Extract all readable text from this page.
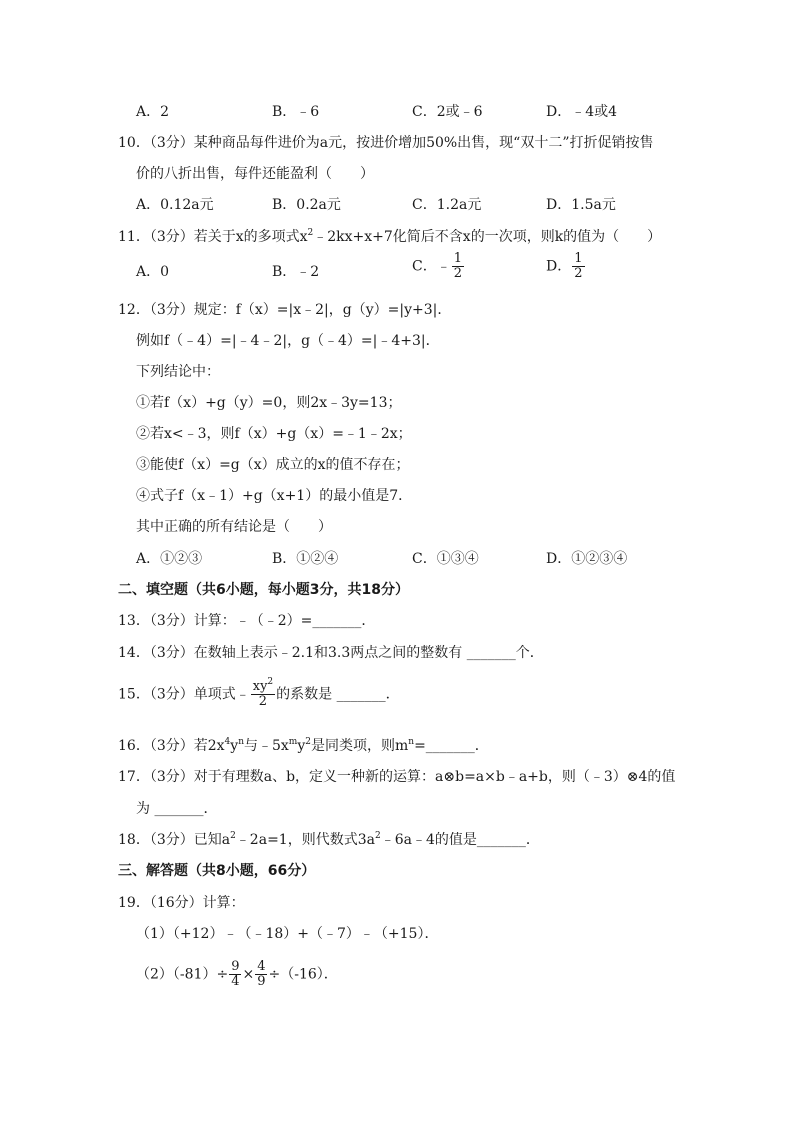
A．2	B．﹣6	C．2或﹣6	D．﹣4或4
10．（3分）某种商品每件进价为a元，按进价增加50%出售，现“双十二”打折促销按售
价的八折出售，每件还能盈利（　　）
A．0.12a元	B．0.2a元	C．1.2a元	D．1.5a元
11．（3分）若关于x的多项式$x^2﹣2kx+x+7$化简后不含x的一次项，则k的值为（　　）
A．0	B．﹣2	C．﹣ $\frac{1}{2}$	D． $\frac{1}{2}$
12．（3分）规定：f（x）=|x﹣2|，g（y）=|y+3|．
例如f（﹣4）=|﹣4﹣2|，g（﹣4）=|﹣4+3|．
下列结论中：
①若f（x）+g（y）=0，则2x﹣3y=13；
②若x<﹣3，则f（x）+g（x）=﹣1﹣2x；
③能使f（x）=g（x）成立的x的值不存在；
④式子f（x﹣1）+g（x+1）的最小值是7．
其中正确的所有结论是（　　）
A．①②③	B．①②④	C．①③④	D．①②③④
二、填空题（共6小题，每小题3分，共18分）
13．（3分）计算：﹣（﹣2）=_______．
14．（3分）在数轴上表示﹣2.1和3.3两点之间的整数有 _______个．
15．（3分）单项式﹣ $\frac{xy^2}{2}$ 的系数是 _______．
16．（3分）若$2x^4y^n$与$﹣5x^my^2$是同类项，则$m^n=\_\_\_\_\_\_\_$．
17．（3分）对于有理数a、b，定义一种新的运算：a⊗b=a×b﹣a+b，则（﹣3）⊗4的值
为 _______．
18．（3分）已知$a^2﹣2a=1$，则代数式$3a^2﹣6a﹣4$的值是_______．
三、解答题（共8小题，66分）
19．（16分）计算：
（1）（+12）﹣（﹣18）+（﹣7）﹣（+15）．
$(2)(-81)\div \frac{9}{4} \times \frac{4}{9} \div(-16)$．
